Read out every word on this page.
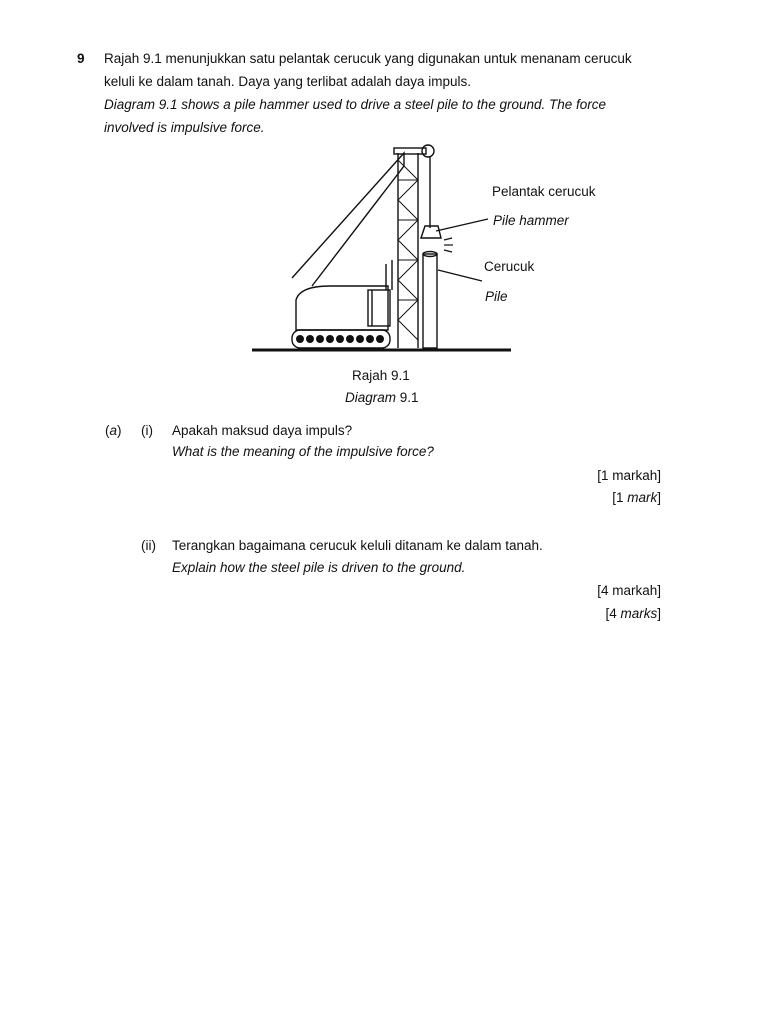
9 Rajah 9.1 menunjukkan satu pelantak cerucuk yang digunakan untuk menanam cerucuk
keluli ke dalam tanah. Daya yang terlibat adalah daya impuls.
Diagram 9.1 shows a pile hammer used to drive a steel pile to the ground. The force
involved is impulsive force.
Pelantak cerucuk
Pile hammer
Cerucuk
Pile
Rajah 9.1
Diagram 9.1
(a) (i) Apakah maksud daya impuls?
What is the meaning of the impulsive force?
[1 markah]
[1 mark]
(ii) Terangkan bagaimana cerucuk keluli ditanam ke dalam tanah.
Explain how the steel pile is driven to the ground.
[4 markah]
[4 marks]
